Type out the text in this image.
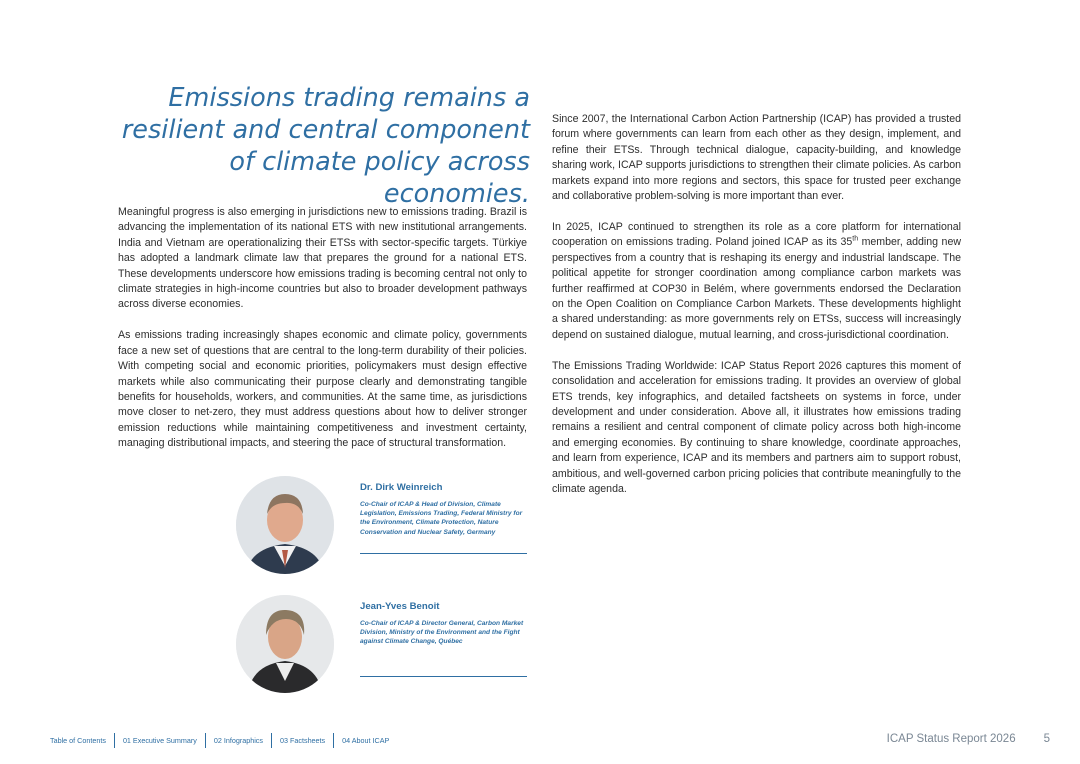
Emissions trading remains a resilient and central component of climate policy across economies.

Meaningful progress is also emerging in jurisdictions new to emissions trading. Brazil is advancing the implementation of its national ETS with new institutional arrangements. India and Vietnam are operationalizing their ETSs with sector-specific targets. Türkiye has adopted a landmark climate law that prepares the ground for a national ETS. These developments underscore how emissions trading is becoming central not only to climate strategies in high-income countries but also to broader development pathways across diverse economies.

As emissions trading increasingly shapes economic and climate policy, governments face a new set of questions that are central to the long-term durability of their policies. With competing social and economic priorities, policymakers must design effective markets while also communicating their purpose clearly and demonstrating tangible benefits for households, workers, and communities. At the same time, as jurisdictions move closer to net-zero, they must address questions about how to deliver stronger emission reductions while maintaining competitiveness and investment certainty, managing distributional impacts, and steering the pace of structural transformation.

Since 2007, the International Carbon Action Partnership (ICAP) has provided a trusted forum where governments can learn from each other as they design, implement, and refine their ETSs. Through technical dialogue, capacity-building, and knowledge sharing work, ICAP supports jurisdictions to strengthen their climate policies. As carbon markets expand into more regions and sectors, this space for trusted peer exchange and collaborative problem-solving is more important than ever.

In 2025, ICAP continued to strengthen its role as a core platform for international cooperation on emissions trading. Poland joined ICAP as its 35th member, adding new perspectives from a country that is reshaping its energy and industrial landscape. The political appetite for stronger coordination among compliance carbon markets was further reaffirmed at COP30 in Belém, where governments endorsed the Declaration on the Open Coalition on Compliance Carbon Markets. These developments highlight a shared understanding: as more governments rely on ETSs, success will increasingly depend on sustained dialogue, mutual learning, and cross-jurisdictional coordination.

The Emissions Trading Worldwide: ICAP Status Report 2026 captures this moment of consolidation and acceleration for emissions trading. It provides an overview of global ETS trends, key infographics, and detailed factsheets on systems in force, under development and under consideration. Above all, it illustrates how emissions trading remains a resilient and central component of climate policy across both high-income and emerging economies. By continuing to share knowledge, coordinate approaches, and learn from experience, ICAP and its members and partners aim to support robust, ambitious, and well-governed carbon pricing policies that contribute meaningfully to the climate agenda.

Dr. Dirk Weinreich

Co-Chair of ICAP & Head of Division, Climate Legislation, Emissions Trading, Federal Ministry for the Environment, Climate Protection, Nature Conservation and Nuclear Safety, Germany

Jean-Yves Benoit

Co-Chair of ICAP & Director General, Carbon Market Division, Ministry of the Environment and the Fight against Climate Change, Québec

Table of Contents 01 Executive Summary 02 Infographics 03 Factsheets 04 About ICAP	ICAP Status Report 2026 5
